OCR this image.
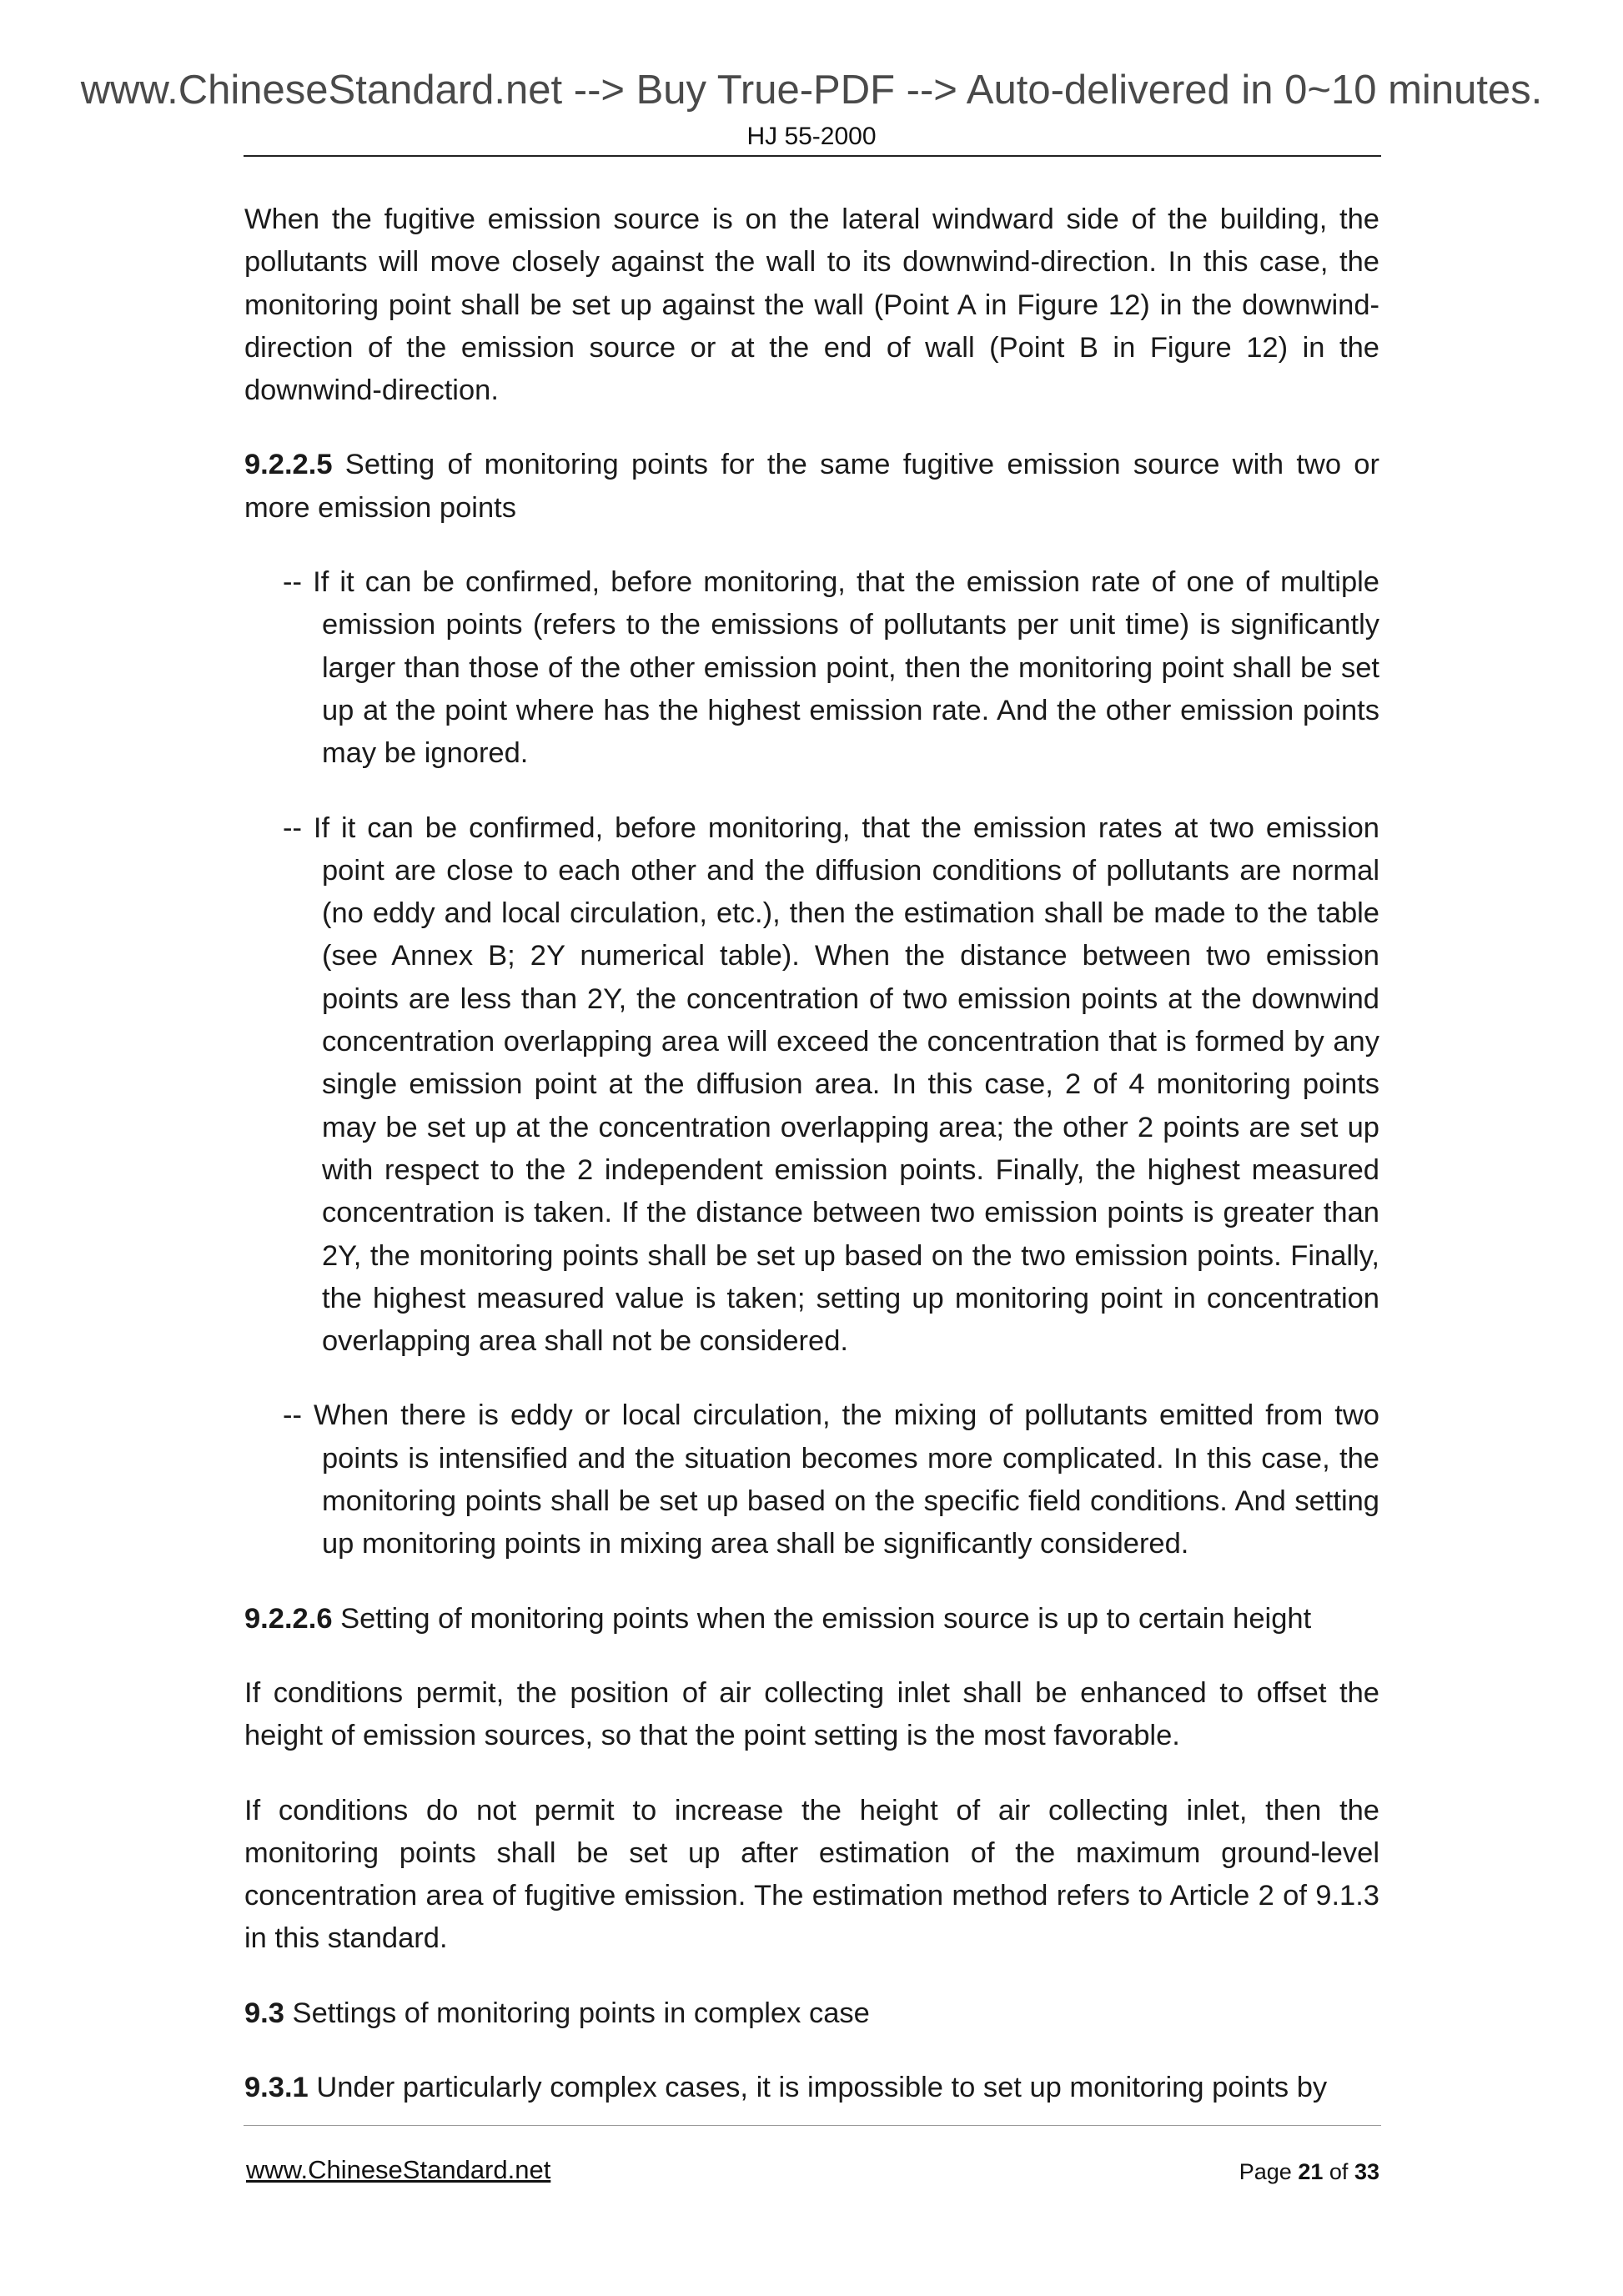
www.ChineseStandard.net --> Buy True-PDF --> Auto-delivered in 0~10 minutes.
HJ 55-2000

When the fugitive emission source is on the lateral windward side of the building, the pollutants will move closely against the wall to its downwind-direction. In this case, the monitoring point shall be set up against the wall (Point A in Figure 12) in the downwind-direction of the emission source or at the end of wall (Point B in Figure 12) in the downwind-direction.

9.2.2.5 Setting of monitoring points for the same fugitive emission source with two or more emission points

-- If it can be confirmed, before monitoring, that the emission rate of one of multiple emission points (refers to the emissions of pollutants per unit time) is significantly larger than those of the other emission point, then the monitoring point shall be set up at the point where has the highest emission rate. And the other emission points may be ignored.

-- If it can be confirmed, before monitoring, that the emission rates at two emission point are close to each other and the diffusion conditions of pollutants are normal (no eddy and local circulation, etc.), then the estimation shall be made to the table (see Annex B; 2Y numerical table). When the distance between two emission points are less than 2Y, the concentration of two emission points at the downwind concentration overlapping area will exceed the concentration that is formed by any single emission point at the diffusion area. In this case, 2 of 4 monitoring points may be set up at the concentration overlapping area; the other 2 points are set up with respect to the 2 independent emission points. Finally, the highest measured concentration is taken. If the distance between two emission points is greater than 2Y, the monitoring points shall be set up based on the two emission points. Finally, the highest measured value is taken; setting up monitoring point in concentration overlapping area shall not be considered.

-- When there is eddy or local circulation, the mixing of pollutants emitted from two points is intensified and the situation becomes more complicated. In this case, the monitoring points shall be set up based on the specific field conditions. And setting up monitoring points in mixing area shall be significantly considered.

9.2.2.6 Setting of monitoring points when the emission source is up to certain height

If conditions permit, the position of air collecting inlet shall be enhanced to offset the height of emission sources, so that the point setting is the most favorable.

If conditions do not permit to increase the height of air collecting inlet, then the monitoring points shall be set up after estimation of the maximum ground-level concentration area of fugitive emission. The estimation method refers to Article 2 of 9.1.3 in this standard.

9.3 Settings of monitoring points in complex case

9.3.1 Under particularly complex cases, it is impossible to set up monitoring points by

www.ChineseStandard.net	Page 21 of 33
